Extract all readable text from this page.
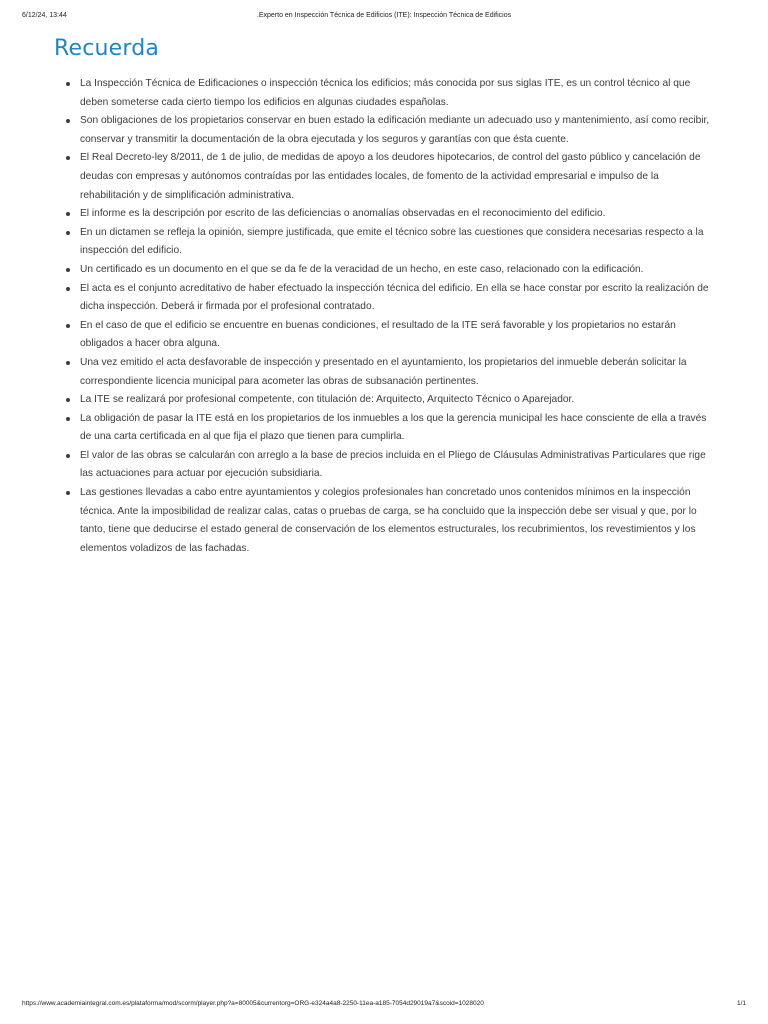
6/12/24, 13:44	.Experto en Inspección Técnica de Edificios (ITE): Inspección Técnica de Edificios
Recuerda
La Inspección Técnica de Edificaciones o inspección técnica los edificios; más conocida por sus siglas ITE, es un control técnico al que deben someterse cada cierto tiempo los edificios en algunas ciudades españolas.
Son obligaciones de los propietarios conservar en buen estado la edificación mediante un adecuado uso y mantenimiento, así como recibir, conservar y transmitir la documentación de la obra ejecutada y los seguros y garantías con que ésta cuente.
El Real Decreto-ley 8/2011, de 1 de julio, de medidas de apoyo a los deudores hipotecarios, de control del gasto público y cancelación de deudas con empresas y autónomos contraídas por las entidades locales, de fomento de la actividad empresarial e impulso de la rehabilitación y de simplificación administrativa.
El informe es la descripción por escrito de las deficiencias o anomalías observadas en el reconocimiento del edificio.
En un dictamen se refleja la opinión, siempre justificada, que emite el técnico sobre las cuestiones que considera necesarias respecto a la inspección del edificio.
Un certificado es un documento en el que se da fe de la veracidad de un hecho, en este caso, relacionado con la edificación.
El acta es el conjunto acreditativo de haber efectuado la inspección técnica del edificio. En ella se hace constar por escrito la realización de dicha inspección. Deberá ir firmada por el profesional contratado.
En el caso de que el edificio se encuentre en buenas condiciones, el resultado de la ITE será favorable y los propietarios no estarán obligados a hacer obra alguna.
Una vez emitido el acta desfavorable de inspección y presentado en el ayuntamiento, los propietarios del inmueble deberán solicitar la correspondiente licencia municipal para acometer las obras de subsanación pertinentes.
La ITE se realizará por profesional competente, con titulación de: Arquitecto, Arquitecto Técnico o Aparejador.
La obligación de pasar la ITE está en los propietarios de los inmuebles a los que la gerencia municipal les hace consciente de ella a través de una carta certificada en al que fija el plazo que tienen para cumplirla.
El valor de las obras se calcularán con arreglo a la base de precios incluida en el Pliego de Cláusulas Administrativas Particulares que rige las actuaciones para actuar por ejecución subsidiaria.
Las gestiones llevadas a cabo entre ayuntamientos y colegios profesionales han concretado unos contenidos mínimos en la inspección técnica. Ante la imposibilidad de realizar calas, catas o pruebas de carga, se ha concluido que la inspección debe ser visual y que, por lo tanto, tiene que deducirse el estado general de conservación de los elementos estructurales, los recubrimientos, los revestimientos y los elementos voladizos de las fachadas.
https://www.academiaintegral.com.es/plataforma/mod/scorm/player.php?a=80005&currentorg=ORG-e324a4a8-2250-11ea-a185-7054d29019a7&scoid=1028020	1/1
